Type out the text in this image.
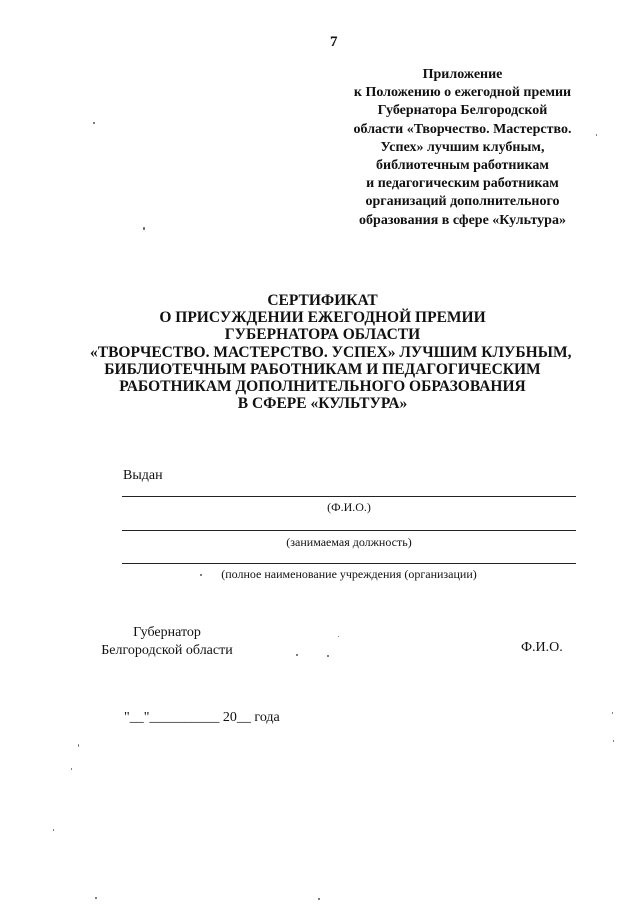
7
Приложение
к Положению о ежегодной премии
Губернатора Белгородской
области «Творчество. Мастерство.
Успех» лучшим клубным,
библиотечным работникам
и педагогическим работникам
организаций дополнительного
образования в сфере «Культура»
СЕРТИФИКАТ
О ПРИСУЖДЕНИИ ЕЖЕГОДНОЙ ПРЕМИИ
ГУБЕРНАТОРА ОБЛАСТИ
«ТВОРЧЕСТВО. МАСТЕРСТВО. УСПЕХ» ЛУЧШИМ КЛУБНЫМ,
БИБЛИОТЕЧНЫМ РАБОТНИКАМ И ПЕДАГОГИЧЕСКИМ
РАБОТНИКАМ ДОПОЛНИТЕЛЬНОГО ОБРАЗОВАНИЯ
В СФЕРЕ «КУЛЬТУРА»
Выдан
(Ф.И.О.)
(занимаемая должность)
(полное наименование учреждения (организации)
Губернатор
Белгородской области	Ф.И.О.
"__"__________ 20__ года
